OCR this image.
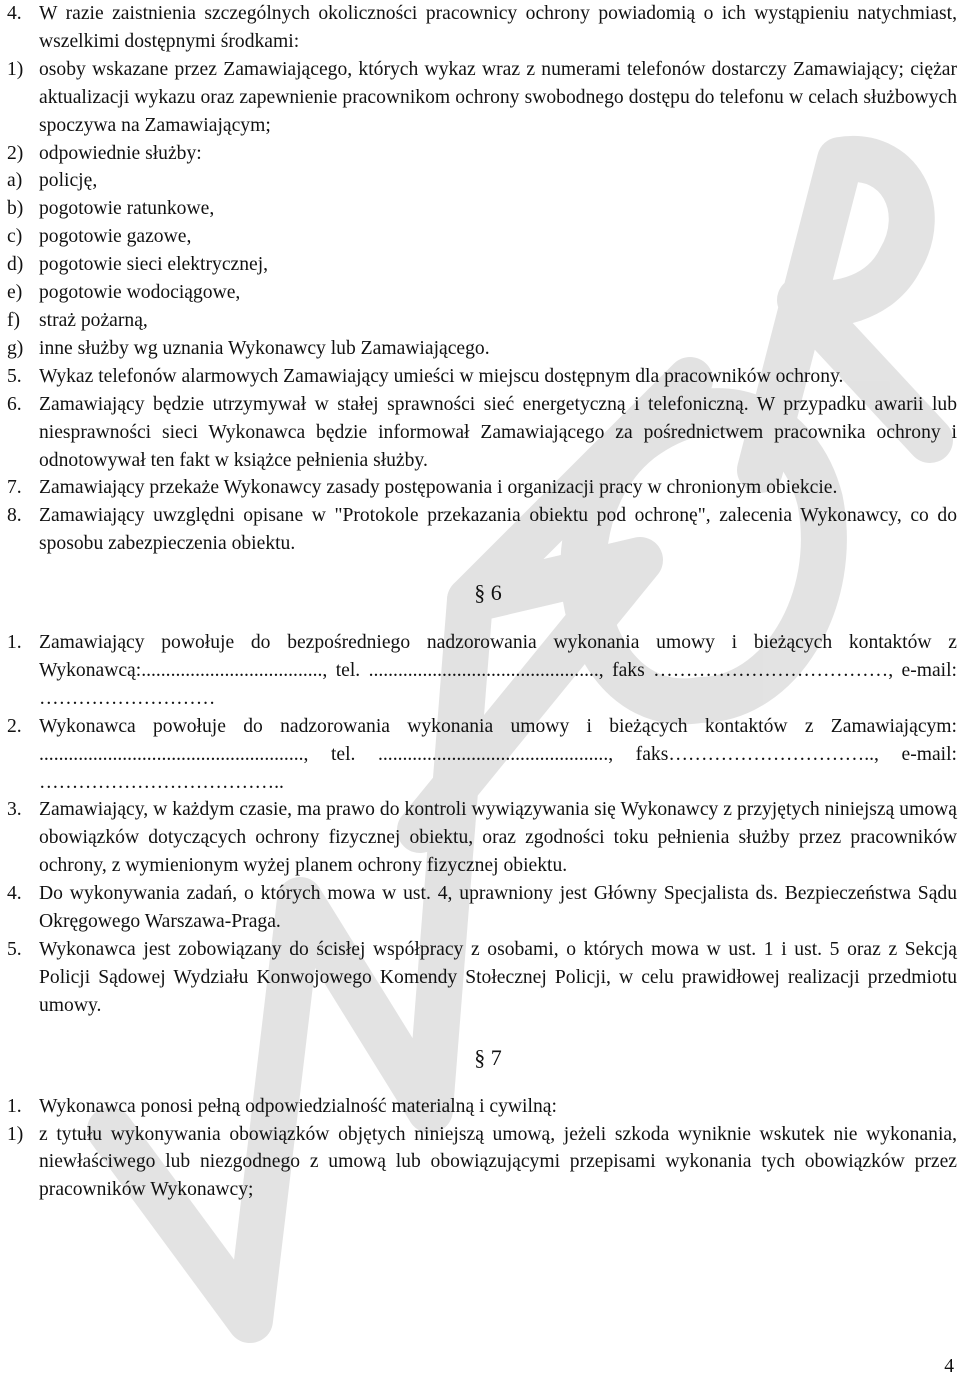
4. W razie zaistnienia szczególnych okoliczności pracownicy ochrony powiadomią o ich wystąpieniu natychmiast, wszelkimi dostępnymi środkami:
1) osoby wskazane przez Zamawiającego, których wykaz wraz z numerami telefonów dostarczy Zamawiający; ciężar aktualizacji wykazu oraz zapewnienie pracownikom ochrony swobodnego dostępu do telefonu w celach służbowych spoczywa na Zamawiającym;
2) odpowiednie służby:
a) policję,
b) pogotowie ratunkowe,
c) pogotowie gazowe,
d) pogotowie sieci elektrycznej,
e) pogotowie wodociągowe,
f) straż pożarną,
g) inne służby wg uznania Wykonawcy lub Zamawiającego.
5. Wykaz telefonów alarmowych Zamawiający umieści w miejscu dostępnym dla pracowników ochrony.
6. Zamawiający będzie utrzymywał w stałej sprawności sieć energetyczną i telefoniczną. W przypadku awarii lub niesprawności sieci Wykonawca będzie informował Zamawiającego za pośrednictwem pracownika ochrony i odnotowywał ten fakt w książce pełnienia służby.
7. Zamawiający przekaże Wykonawcy zasady postępowania i organizacji pracy w chronionym obiekcie.
8. Zamawiający uwzględni opisane w "Protokole przekazania obiektu pod ochronę", zalecenia Wykonawcy, co do sposobu zabezpieczenia obiektu.
§ 6
1. Zamawiający powołuje do bezpośredniego nadzorowania wykonania umowy i bieżących kontaktów z Wykonawcą:....................................., tel. ..............................................., faks ………………………………, e-mail: ………………………
2. Wykonawca powołuje do nadzorowania wykonania umowy i bieżących kontaktów z Zamawiającym: ......................................................, tel. ..............................................., faks………………………….., e-mail: ………………………………..
3. Zamawiający, w każdym czasie, ma prawo do kontroli wywiązywania się Wykonawcy z przyjętych niniejszą umową obowiązków dotyczących ochrony fizycznej obiektu, oraz zgodności toku pełnienia służby przez pracowników ochrony, z wymienionym wyżej planem ochrony fizycznej obiektu.
4. Do wykonywania zadań, o których mowa w ust. 4, uprawniony jest Główny Specjalista ds. Bezpieczeństwa Sądu Okręgowego Warszawa-Praga.
5. Wykonawca jest zobowiązany do ścisłej współpracy z osobami, o których mowa w ust. 1 i ust. 5 oraz z Sekcją Policji Sądowej Wydziału Konwojowego Komendy Stołecznej Policji, w celu prawidłowej realizacji przedmiotu umowy.
§ 7
1. Wykonawca ponosi pełną odpowiedzialność materialną i cywilną:
1) z tytułu wykonywania obowiązków objętych niniejszą umową, jeżeli szkoda wyniknie wskutek nie wykonania, niewłaściwego lub niezgodnego z umową lub obowiązującymi przepisami wykonania tych obowiązków przez pracowników Wykonawcy;
4
